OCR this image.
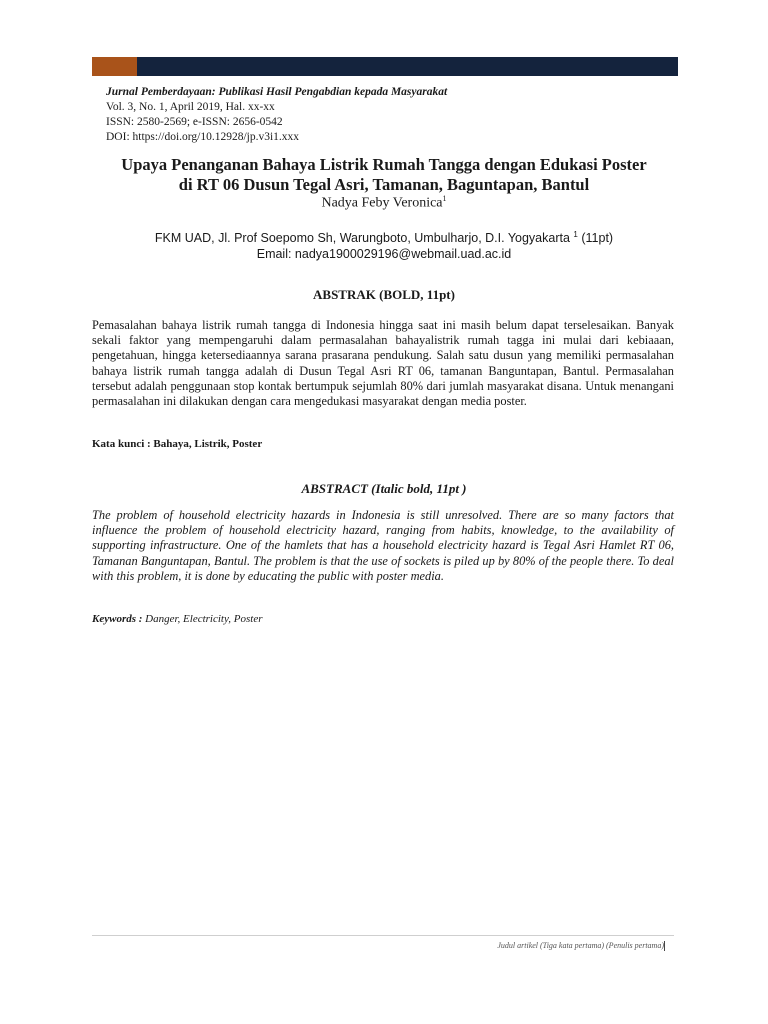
Jurnal Pemberdayaan: Publikasi Hasil Pengabdian kepada Masyarakat
Vol. 3, No. 1, April 2019, Hal. xx-xx
ISSN: 2580-2569; e-ISSN: 2656-0542
DOI: https://doi.org/10.12928/jp.v3i1.xxx
Upaya Penanganan Bahaya Listrik Rumah Tangga dengan Edukasi Poster
di RT 06 Dusun Tegal Asri, Tamanan, Baguntapan, Bantul
Nadya Feby Veronica$^1$
FKM UAD, Jl. Prof Soepomo Sh, Warungboto, Umbulharjo, D.I. Yogyakarta $^1$ (11pt)
Email: nadya1900029196@webmail.uad.ac.id
ABSTRAK (BOLD, 11pt)
Pemasalahan bahaya listrik rumah tangga di Indonesia hingga saat ini masih belum dapat terselesaikan. Banyak sekali faktor yang mempengaruhi dalam permasalahan bahayalistrik rumah tagga ini mulai dari kebiaaan, pengetahuan, hingga ketersediaannya sarana prasarana pendukung. Salah satu dusun yang memiliki permasalahan bahaya listrik rumah tangga adalah di Dusun Tegal Asri RT 06, tamanan Banguntapan, Bantul. Permasalahan tersebut adalah penggunaan stop kontak bertumpuk sejumlah 80% dari jumlah masyarakat disana. Untuk menangani permasalahan ini dilakukan dengan cara mengedukasi masyarakat dengan media poster.
Kata kunci : Bahaya, Listrik, Poster
ABSTRACT (Italic bold, 11pt )
The problem of household electricity hazards in Indonesia is still unresolved. There are so many factors that influence the problem of household electricity hazard, ranging from habits, knowledge, to the availability of supporting infrastructure. One of the hamlets that has a household electricity hazard is Tegal Asri Hamlet RT 06, Tamanan Banguntapan, Bantul. The problem is that the use of sockets is piled up by 80% of the people there. To deal with this problem, it is done by educating the public with poster media.
Keywords : Danger, Electricity, Poster
Judul artikel (Tiga kata pertama) (Penulis pertama)
